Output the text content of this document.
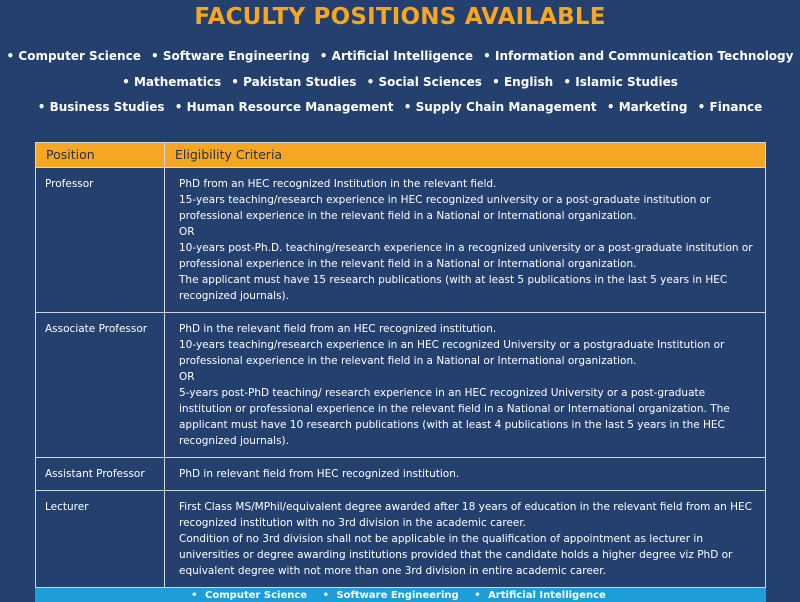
FACULTY POSITIONS AVAILABLE
• Computer Science • Software Engineering • Artificial Intelligence • Information and Communication Technology
• Mathematics • Pakistan Studies • Social Sciences • English • Islamic Studies
• Business Studies • Human Resource Management • Supply Chain Management • Marketing • Finance
Position	Eligibility Criteria
Professor	PhD from an HEC recognized Institution in the relevant field.
15-years teaching/research experience in HEC recognized university or a post-graduate institution or professional experience in the relevant field in a National or International organization.
OR
10-years post-Ph.D. teaching/research experience in a recognized university or a post-graduate institution or professional experience in the relevant field in a National or International organization.
The applicant must have 15 research publications (with at least 5 publications in the last 5 years in HEC recognized journals).

Associate Professor	PhD in the relevant field from an HEC recognized institution.
10-years teaching/research experience in an HEC recognized University or a postgraduate Institution or professional experience in the relevant field in a National or International organization.
OR
5-years post-PhD teaching/ research experience in an HEC recognized University or a post-graduate institution or professional experience in the relevant field in a National or International organization. The applicant must have 10 research publications (with at least 4 publications in the last 5 years in the HEC recognized journals).

Assistant Professor	PhD in relevant field from HEC recognized institution.

Lecturer	First Class MS/MPhil/equivalent degree awarded after 18 years of education in the relevant field from an HEC recognized institution with no 3rd division in the academic career.
Condition of no 3rd division shall not be applicable in the qualification of appointment as lecturer in universities or degree awarding institutions provided that the candidate holds a higher degree viz PhD or equivalent degree with not more than one 3rd division in entire academic career.
• Computer Science • Software Engineering • Artificial Intelligence
